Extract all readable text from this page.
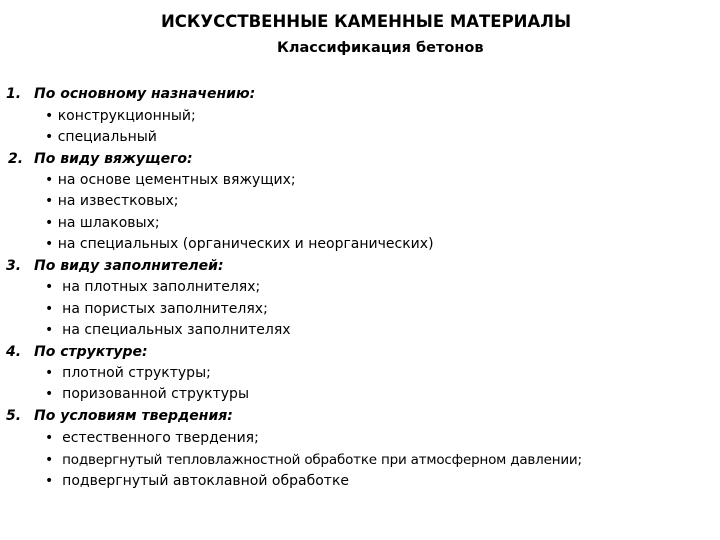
ИСКУССТВЕННЫЕ КАМЕННЫЕ МАТЕРИАЛЫ
Классификация бетонов
1. По основному назначению:
• конструкционный;
• специальный
2. По виду вяжущего:
• на основе цементных вяжущих;
• на известковых;
• на шлаковых;
• на специальных (органических и неорганических)
3. По виду заполнителей:
• на плотных заполнителях;
• на пористых заполнителях;
• на специальных заполнителях
4. По структуре:
• плотной структуры;
• поризованной структуры
5. По условиям твердения:
• естественного твердения;
• подвергнутый тепловлажностной обработке при атмосферном давлении;
• подвергнутый автоклавной обработке
